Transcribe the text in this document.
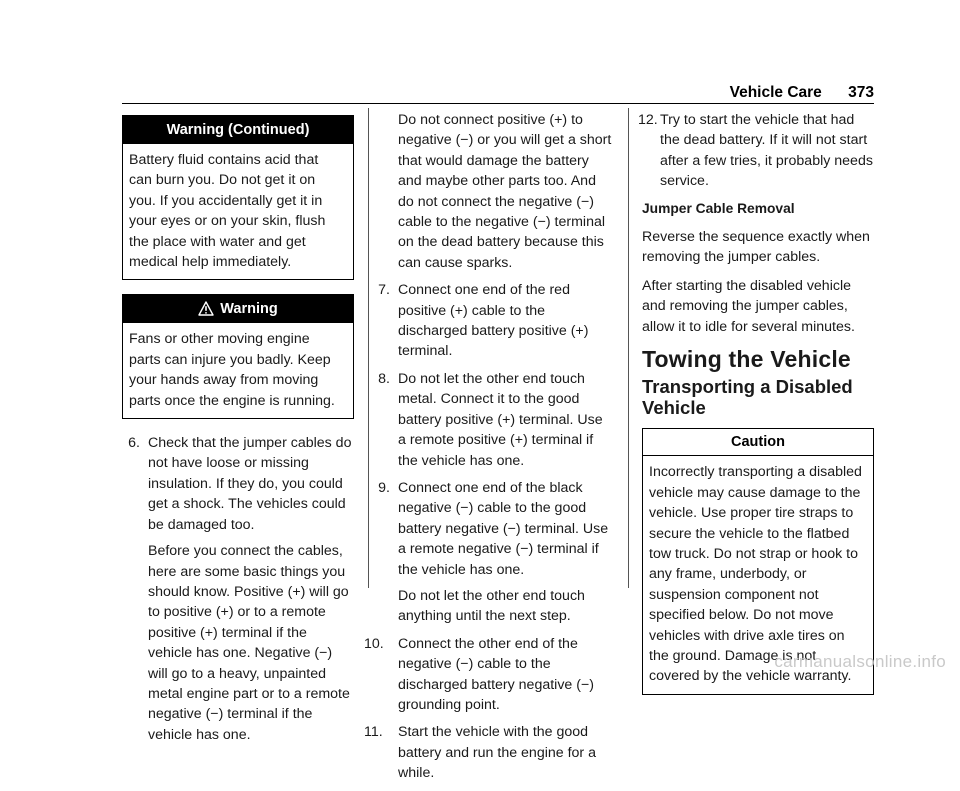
Vehicle Care 373
Warning (Continued)
Battery fluid contains acid that can burn you. Do not get it on you. If you accidentally get it in your eyes or on your skin, flush the place with water and get medical help immediately.
Warning
Fans or other moving engine parts can injure you badly. Keep your hands away from moving parts once the engine is running.
6. Check that the jumper cables do not have loose or missing insulation. If they do, you could get a shock. The vehicles could be damaged too.
Before you connect the cables, here are some basic things you should know. Positive (+) will go to positive (+) or to a remote positive (+) terminal if the vehicle has one. Negative (−) will go to a heavy, unpainted metal engine part or to a remote negative (−) terminal if the vehicle has one.
Do not connect positive (+) to negative (−) or you will get a short that would damage the battery and maybe other parts too. And do not connect the negative (−) cable to the negative (−) terminal on the dead battery because this can cause sparks.
7. Connect one end of the red positive (+) cable to the discharged battery positive (+) terminal.
8. Do not let the other end touch metal. Connect it to the good battery positive (+) terminal. Use a remote positive (+) terminal if the vehicle has one.
9. Connect one end of the black negative (−) cable to the good battery negative (−) terminal. Use a remote negative (−) terminal if the vehicle has one.
Do not let the other end touch anything until the next step.
10. Connect the other end of the negative (−) cable to the discharged battery negative (−) grounding point.
11. Start the vehicle with the good battery and run the engine for a while.
12. Try to start the vehicle that had the dead battery. If it will not start after a few tries, it probably needs service.
Jumper Cable Removal

Reverse the sequence exactly when removing the jumper cables.

After starting the disabled vehicle and removing the jumper cables, allow it to idle for several minutes.

Towing the Vehicle
Transporting a Disabled Vehicle
Caution
Incorrectly transporting a disabled vehicle may cause damage to the vehicle. Use proper tire straps to secure the vehicle to the flatbed tow truck. Do not strap or hook to any frame, underbody, or suspension component not specified below. Do not move vehicles with drive axle tires on the ground. Damage is not covered by the vehicle warranty.
carmanualsonline.info
